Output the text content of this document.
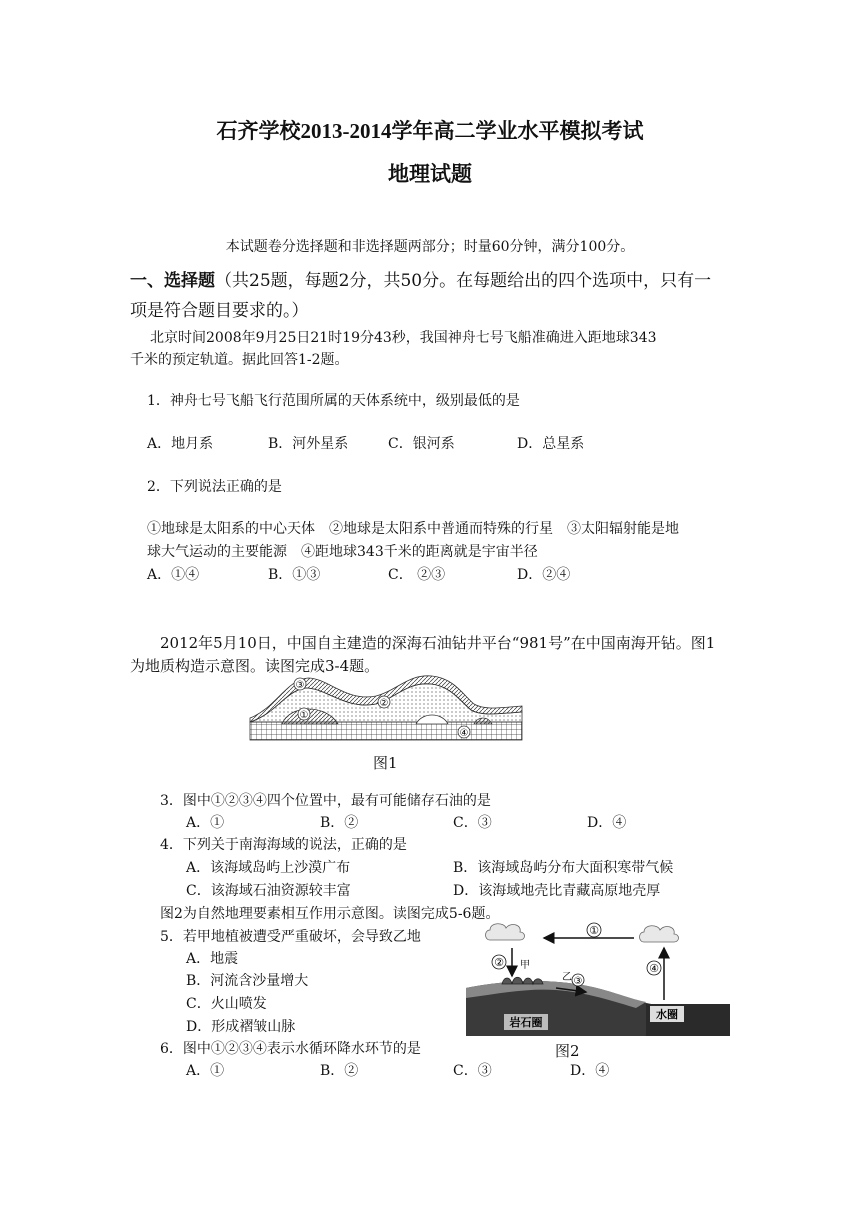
石齐学校2013-2014学年高二学业水平模拟考试
地理试题
本试题卷分选择题和非选择题两部分；时量60分钟，满分100分。
一、选择题（共25题，每题2分，共50分。在每题给出的四个选项中，只有一
项是符合题目要求的。）
北京时间2008年9月25日21时19分43秒，我国神舟七号飞船准确进入距地球343
千米的预定轨道。据此回答1-2题。
1．神舟七号飞船飞行范围所属的天体系统中，级别最低的是
A．地月系	B．河外星系	C．银河系	D．总星系
2．下列说法正确的是
①地球是太阳系的中心天体　②地球是太阳系中普通而特殊的行星　③太阳辐射能是地
球大气运动的主要能源　④距地球343千米的距离就是宇宙半径
A．①④	B．①③	C． ②③	D．②④
2012年5月10日，中国自主建造的深海石油钻井平台“981号”在中国南海开钻。图1
为地质构造示意图。读图完成3-4题。
③
②
①
④
图1
3．图中①②③④四个位置中，最有可能储存石油的是
A．①	B．②	C．③	D．④
4．下列关于南海海域的说法，正确的是
A．该海域岛屿上沙漠广布	B．该海域岛屿分布大面积寒带气候
C．该海域石油资源较丰富	D．该海域地壳比青藏高原地壳厚
图2为自然地理要素相互作用示意图。读图完成5-6题。
5．若甲地植被遭受严重破坏，会导致乙地
A．地震
B．河流含沙量增大
C．火山喷发
D．形成褶皱山脉
6．图中①②③④表示水循环降水环节的是
A．①	B．②	C．③	D．④
①
②
③
④
甲
乙
岩石圈
水圈
图2
